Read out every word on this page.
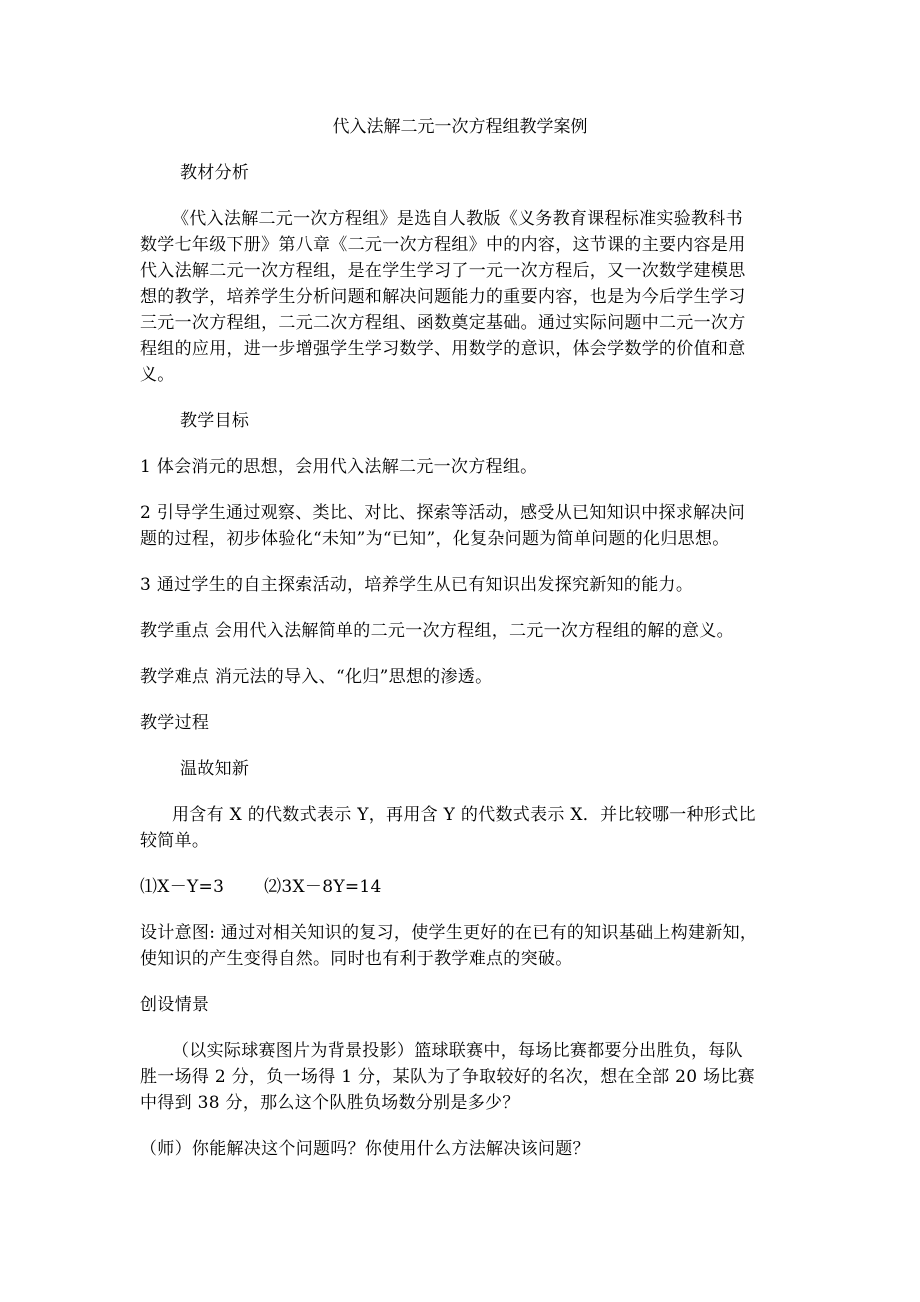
代入法解二元一次方程组教学案例
教材分析
《代入法解二元一次方程组》是选自人教版《义务教育课程标准实验教科书
数学七年级下册》第八章《二元一次方程组》中的内容，这节课的主要内容是用
代入法解二元一次方程组，是在学生学习了一元一次方程后，又一次数学建模思
想的教学，培养学生分析问题和解决问题能力的重要内容，也是为今后学生学习
三元一次方程组，二元二次方程组、函数奠定基础。通过实际问题中二元一次方
程组的应用，进一步增强学生学习数学、用数学的意识，体会学数学的价值和意
义。
教学目标
1 体会消元的思想，会用代入法解二元一次方程组。
2 引导学生通过观察、类比、对比、探索等活动，感受从已知知识中探求解决问
题的过程，初步体验化“未知”为“已知”，化复杂问题为简单问题的化归思想。
3 通过学生的自主探索活动，培养学生从已有知识出发探究新知的能力。
教学重点 会用代入法解简单的二元一次方程组，二元一次方程组的解的意义。
教学难点 消元法的导入、“化归”思想的渗透。
教学过程
温故知新
用含有 X 的代数式表示 Y，再用含 Y 的代数式表示 X．并比较哪一种形式比
较简单。
⑴X－Y=3       ⑵3X－8Y=14
设计意图: 通过对相关知识的复习，使学生更好的在已有的知识基础上构建新知，
使知识的产生变得自然。同时也有利于教学难点的突破。
创设情景
（以实际球赛图片为背景投影）篮球联赛中，每场比赛都要分出胜负，每队
胜一场得 2 分，负一场得 1 分，某队为了争取较好的名次，想在全部 20 场比赛
中得到 38 分，那么这个队胜负场数分别是多少？
（师）你能解决这个问题吗？你使用什么方法解决该问题？
